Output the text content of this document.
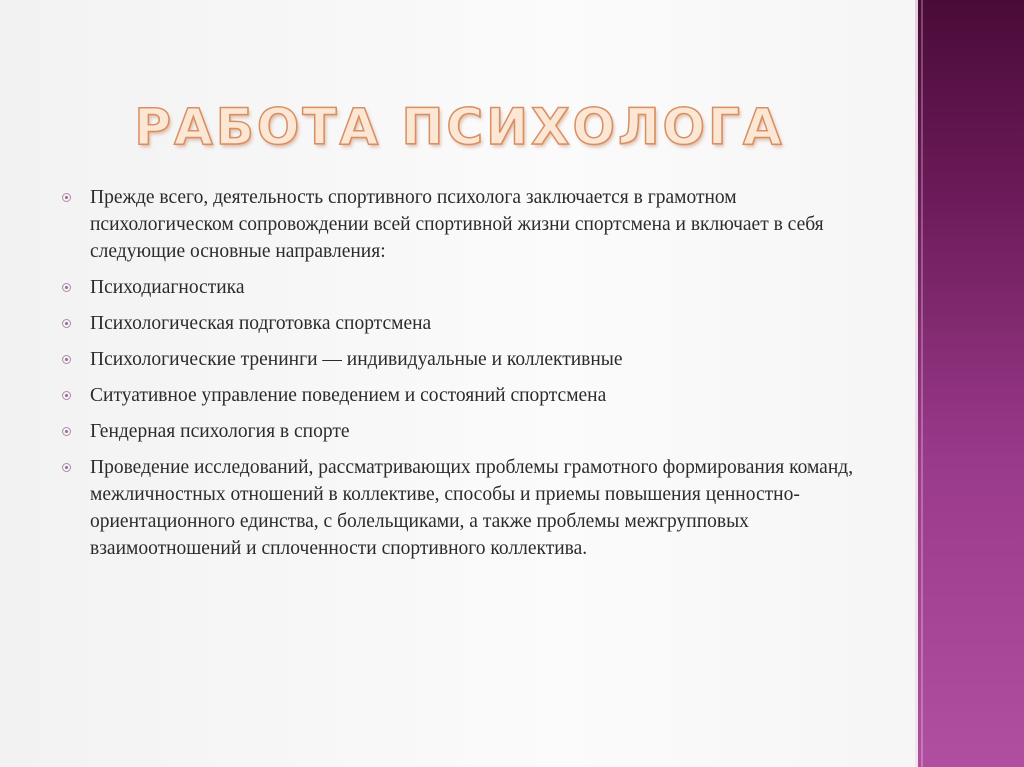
РАБОТА ПСИХОЛОГА
Прежде всего, деятельность спортивного психолога заключается в грамотном психологическом сопровождении всей спортивной жизни спортсмена и включает в себя следующие основные направления:
Психодиагностика
Психологическая подготовка спортсмена
Психологические тренинги — индивидуальные и коллективные
Ситуативное управление поведением и состояний спортсмена
Гендерная психология в спорте
Проведение исследований, рассматривающих проблемы грамотного формирования команд, межличностных отношений в коллективе, способы и приемы повышения ценностно-ориентационного единства, с болельщиками, а также проблемы межгрупповых взаимоотношений и сплоченности спортивного коллектива.
